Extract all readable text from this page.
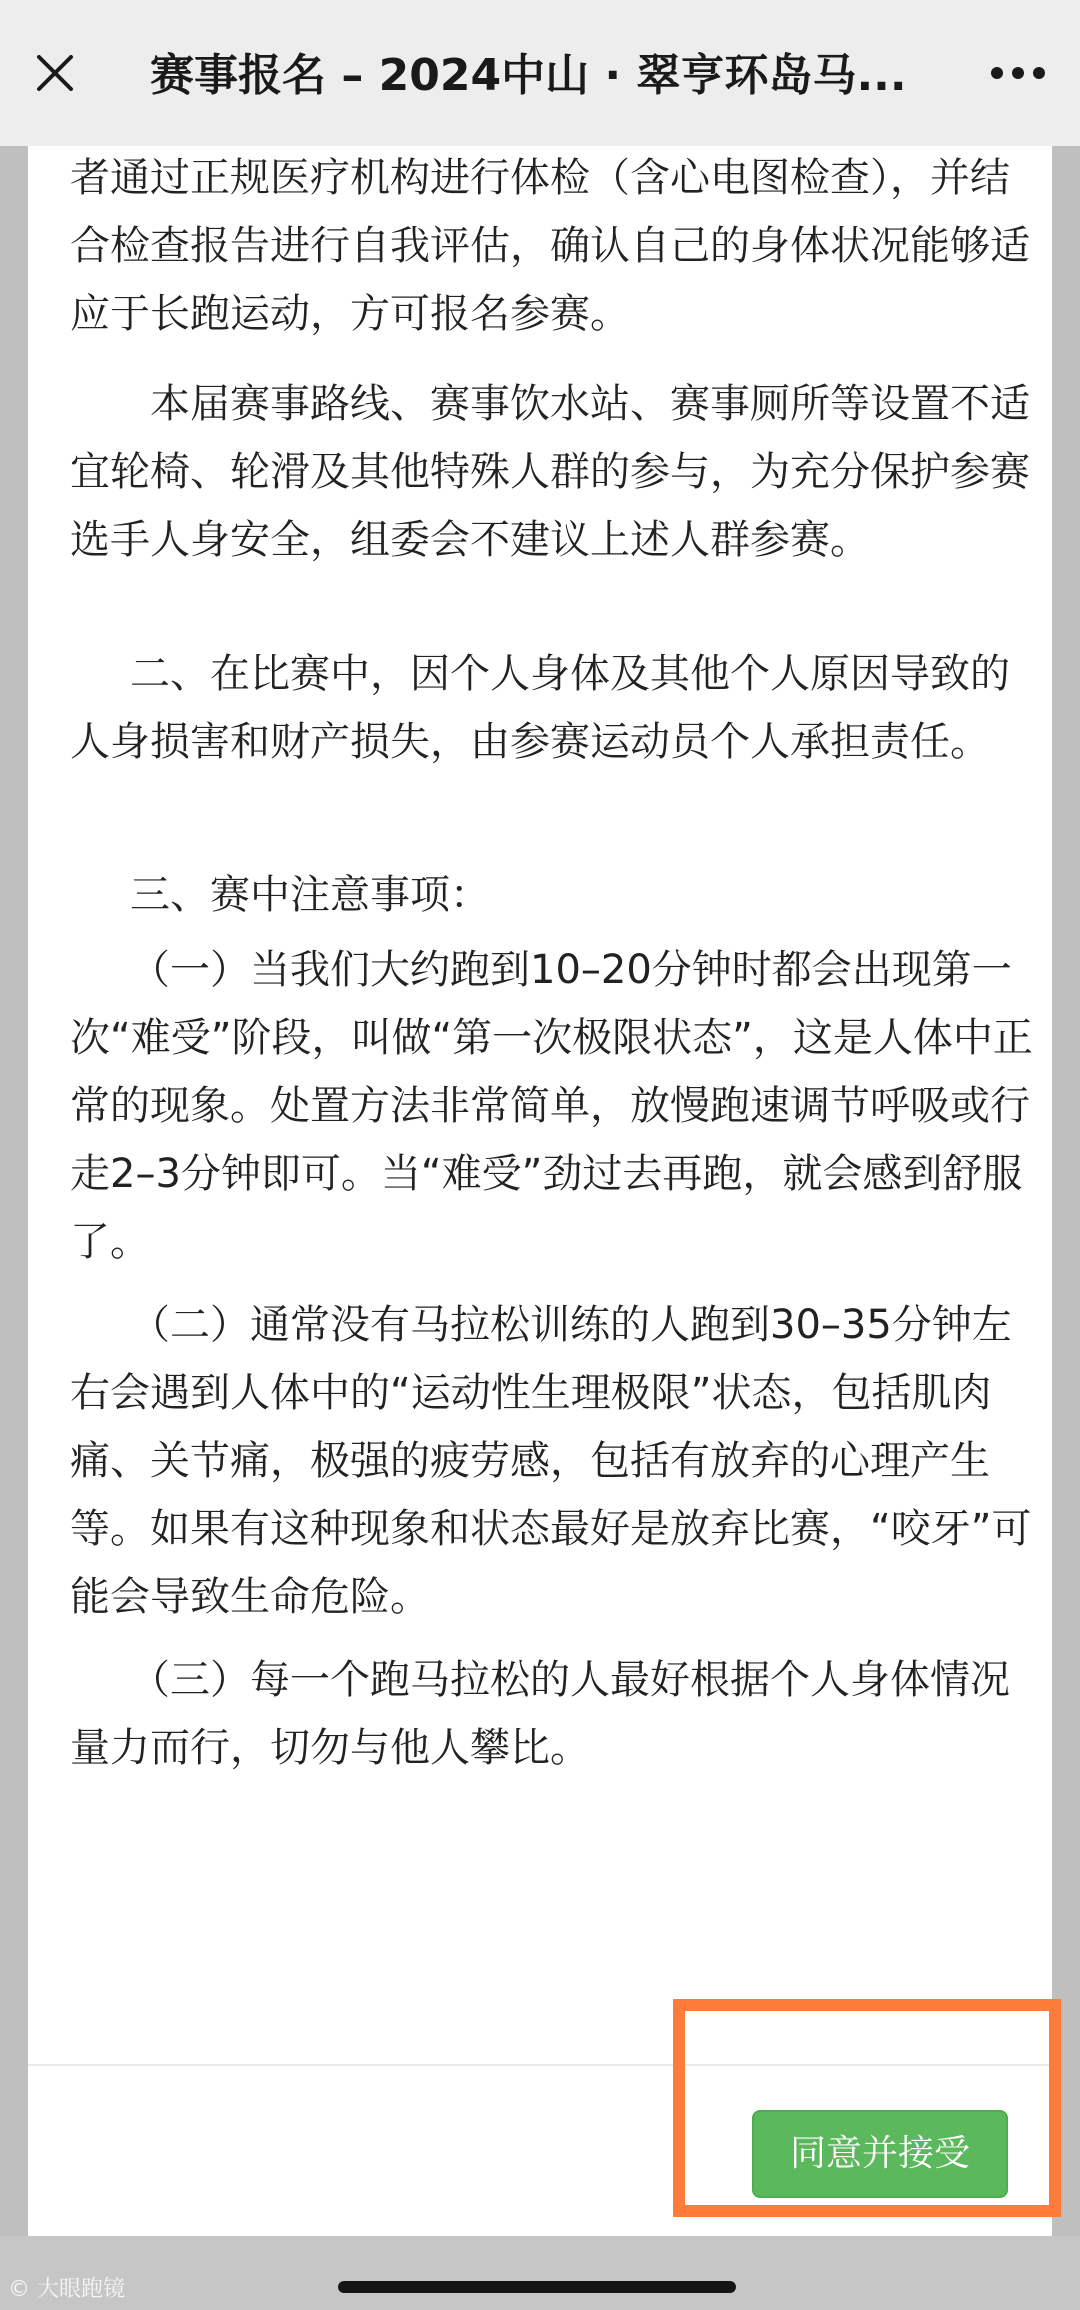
赛事报名 – 2024中山 · 翠亨环岛马...

者通过正规医疗机构进行体检（含心电图检查），并结合检查报告进行自我评估，确认自己的身体状况能够适应于长跑运动，方可报名参赛。

本届赛事路线、赛事饮水站、赛事厕所等设置不适宜轮椅、轮滑及其他特殊人群的参与，为充分保护参赛选手人身安全，组委会不建议上述人群参赛。

二、在比赛中，因个人身体及其他个人原因导致的人身损害和财产损失，由参赛运动员个人承担责任。

三、赛中注意事项：

（一）当我们大约跑到10–20分钟时都会出现第一次“难受”阶段，叫做“第一次极限状态”，这是人体中正常的现象。处置方法非常简单，放慢跑速调节呼吸或行走2–3分钟即可。当“难受”劲过去再跑，就会感到舒服了。

（二）通常没有马拉松训练的人跑到30–35分钟左右会遇到人体中的“运动性生理极限”状态，包括肌肉痛、关节痛，极强的疲劳感，包括有放弃的心理产生等。如果有这种现象和状态最好是放弃比赛，“咬牙”可能会导致生命危险。

（三）每一个跑马拉松的人最好根据个人身体情况量力而行，切勿与他人攀比。

同意并接受
© 大眼跑镜
